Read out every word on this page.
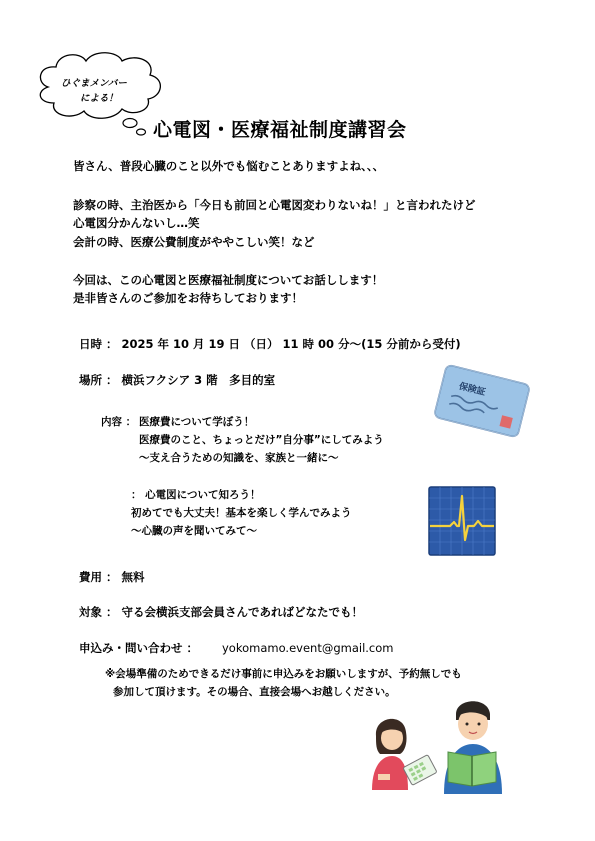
ひぐまメンバー
による！
心電図・医療福祉制度講習会
皆さん、普段心臓のこと以外でも悩むことありますよね、、、
診察の時、主治医から「今日も前回と心電図変わりないね！」と言われたけど
心電図分かんないし…笑
会計の時、医療公費制度がややこしい笑！など
今回は、この心電図と医療福祉制度についてお話しします！
是非皆さんのご参加をお待ちしております！
日時 ： 2025 年 10 月 19 日 （日） 11 時 00 分～(15 分前から受付)
場所 ： 横浜フクシア 3 階　多目的室
保険証
内容 ： 医療費について学ぼう！
医療費のこと、ちょっとだけ”自分事”にしてみよう
～支え合うための知識を、家族と一緒に～
： 心電図について知ろう！
初めてでも大丈夫！基本を楽しく学んでみよう
～心臓の声を聞いてみて～
費用 ： 無料
対象 ： 守る会横浜支部会員さんであればどなたでも！
申込み・問い合わせ ： yokomamo.event@gmail.com
※会場準備のためできるだけ事前に申込みをお願いしますが、予約無しでも
参加して頂けます。その場合、直接会場へお越しください。
